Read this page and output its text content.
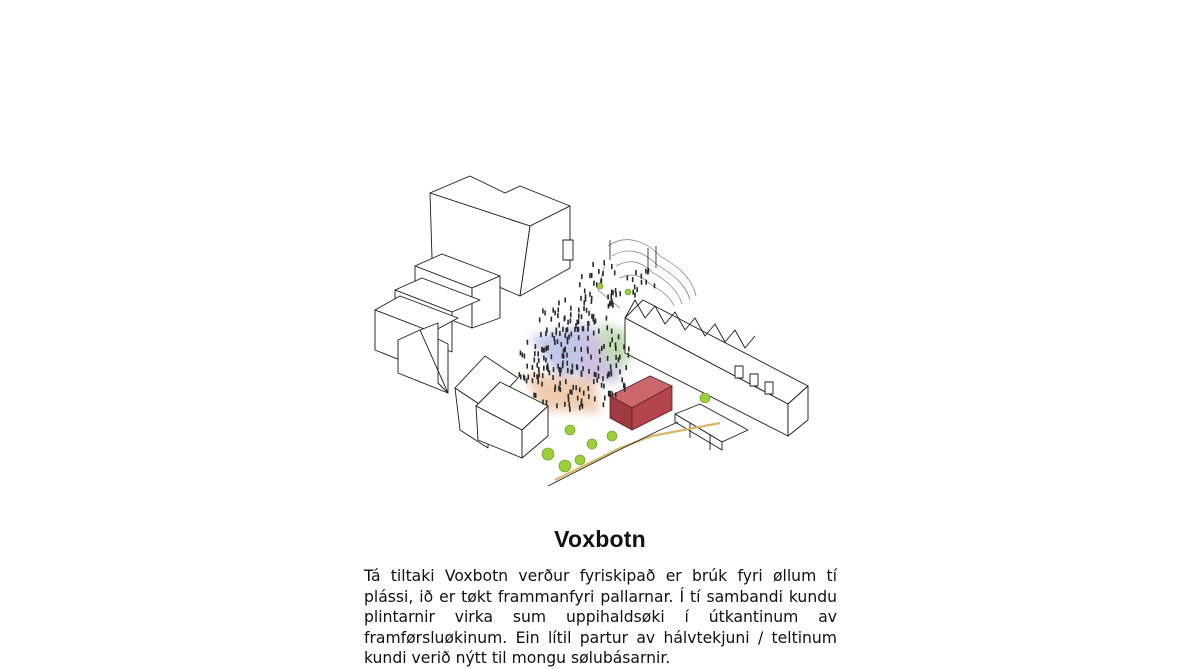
Voxbotn

Tá tiltaki Voxbotn verður fyriskipað er brúk fyri øllum tí plássi, ið er tøkt frammanfyri pallarnar. Í tí sambandi kundu plintarnir virka sum uppihaldsøki í útkantinum av framførsluøkinum. Ein lítil partur av hálvtekjuni / teltinum kundi verið nýtt til mongu sølubásarnir.
